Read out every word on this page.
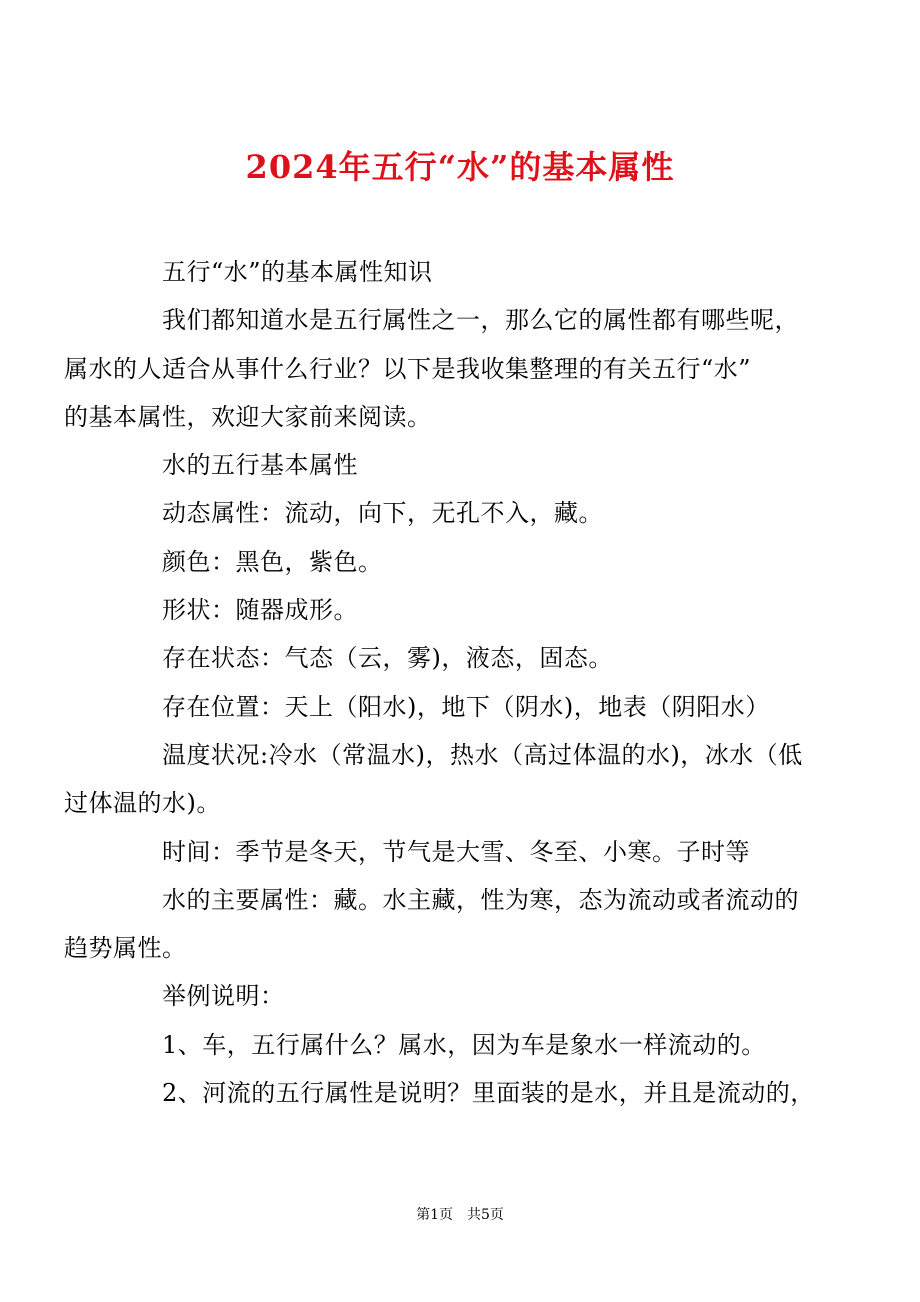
2024年五行“水”的基本属性

五行“水”的基本属性知识

我们都知道水是五行属性之一，那么它的属性都有哪些呢，
属水的人适合从事什么行业？以下是我收集整理的有关五行“水”
的基本属性，欢迎大家前来阅读。

水的五行基本属性

动态属性：流动，向下，无孔不入，藏。

颜色：黑色，紫色。

形状：随器成形。

存在状态：气态（云，雾)，液态，固态。

存在位置：天上（阳水)，地下（阴水)，地表（阴阳水）

温度状况:冷水（常温水)，热水（高过体温的水)，冰水（低
过体温的水)。

时间：季节是冬天，节气是大雪、冬至、小寒。子时等

水的主要属性：藏。水主藏，性为寒，态为流动或者流动的
趋势属性。

举例说明：

1、车，五行属什么？属水，因为车是象水一样流动的。

2、河流的五行属性是说明？里面装的是水，并且是流动的，

第1页 共5页
